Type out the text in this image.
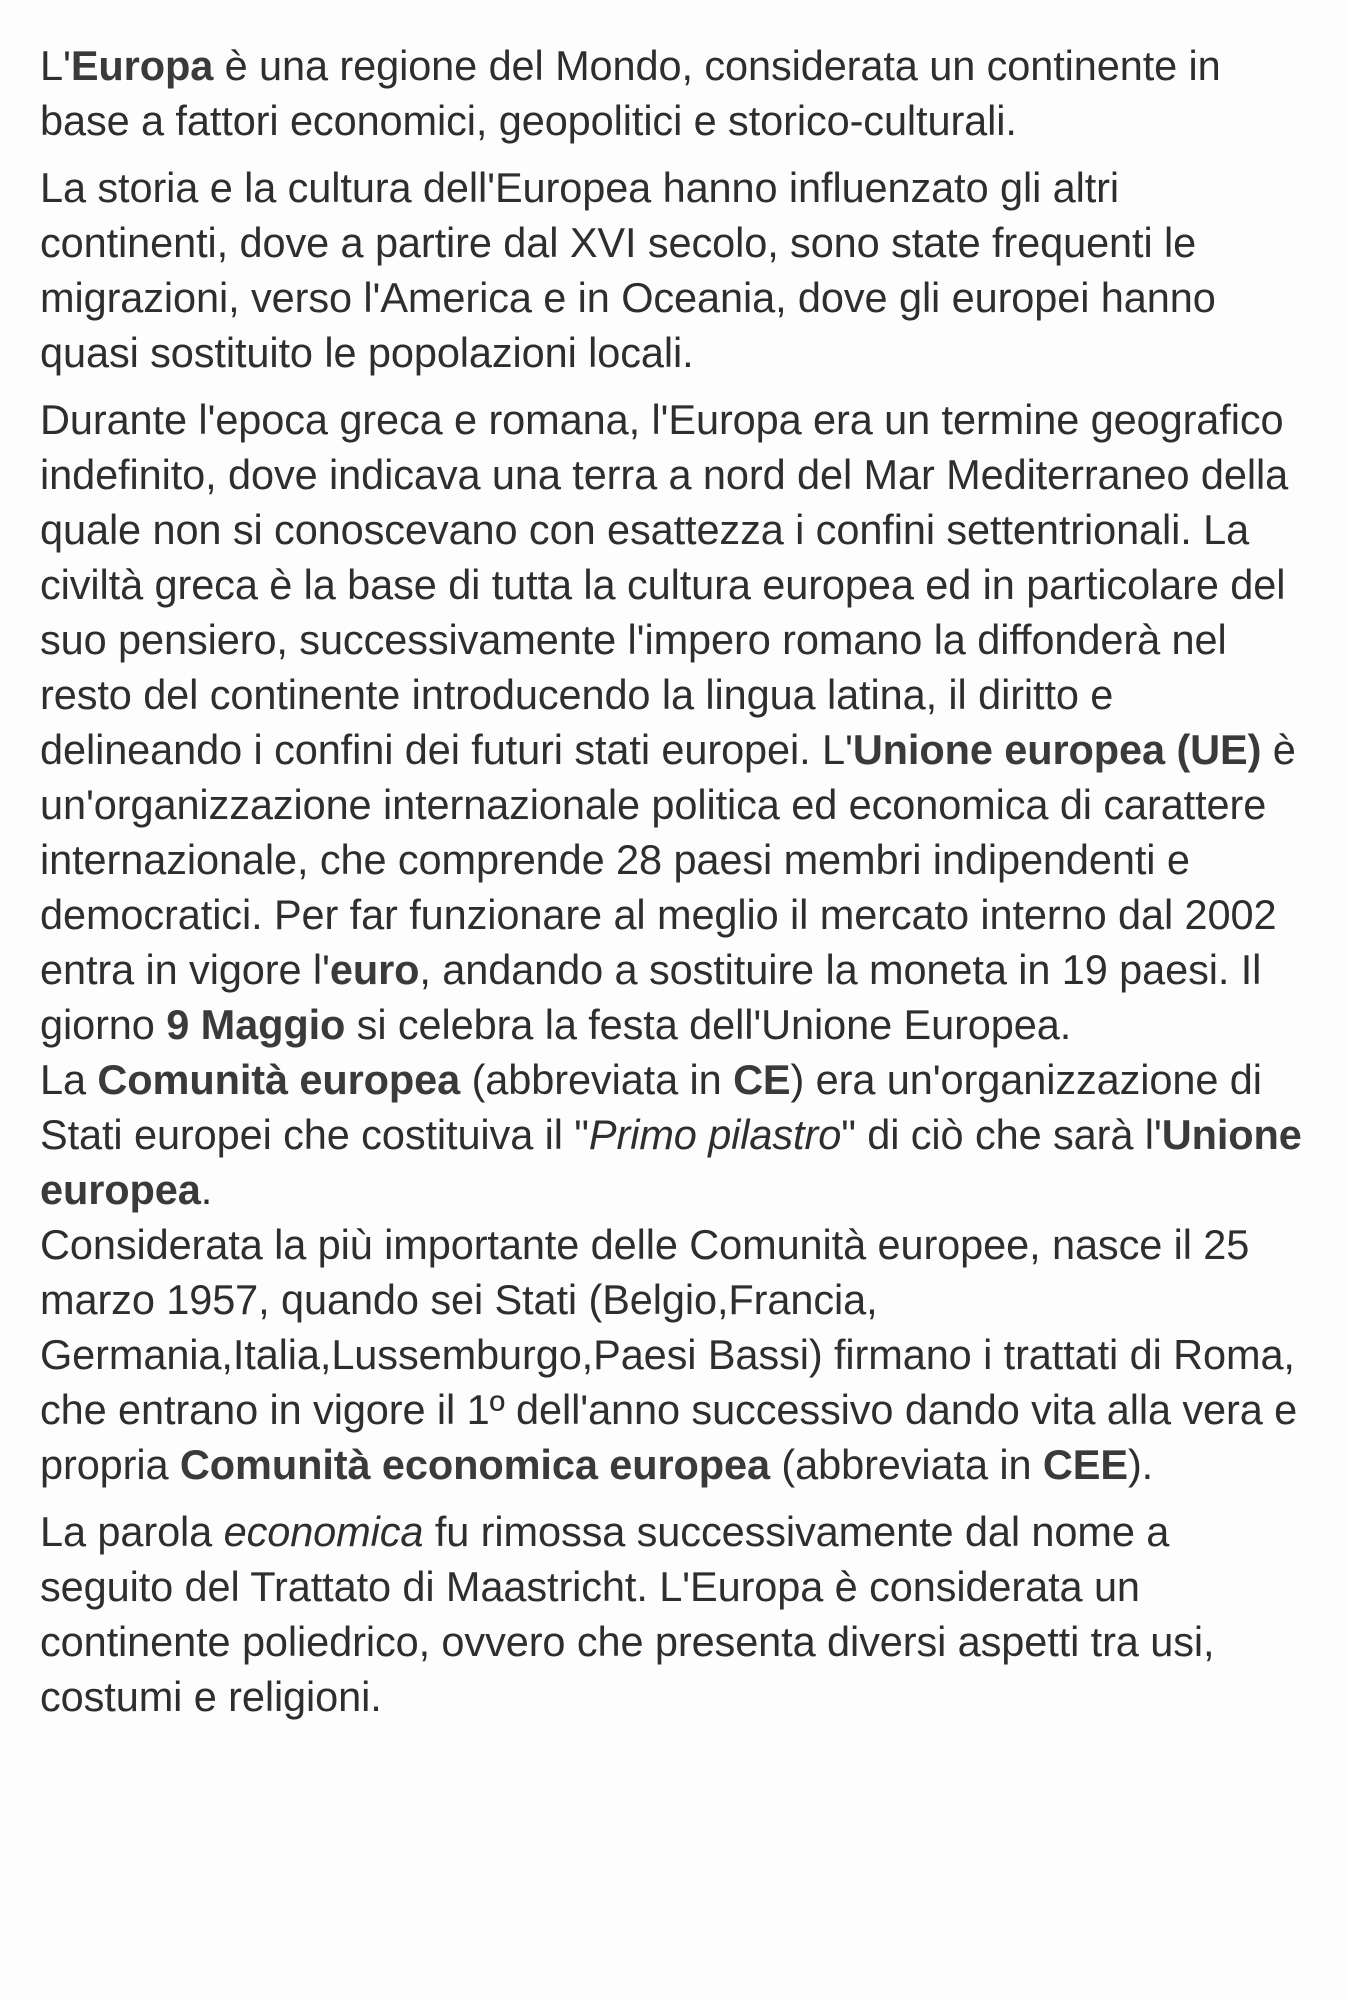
L'Europa è una regione del Mondo, considerata un continente in base a fattori economici, geopolitici e storico-culturali.

La storia e la cultura dell'Europea hanno influenzato gli altri continenti, dove a partire dal XVI secolo, sono state frequenti le migrazioni, verso l'America e in Oceania, dove gli europei hanno quasi sostituito le popolazioni locali.

Durante l'epoca greca e romana, l'Europa era un termine geografico indefinito, dove indicava una terra a nord del Mar Mediterraneo della quale non si conoscevano con esattezza i confini settentrionali. La civiltà greca è la base di tutta la cultura europea ed in particolare del suo pensiero, successivamente l'impero romano la diffonderà nel resto del continente introducendo la lingua latina, il diritto e delineando i confini dei futuri stati europei. L'Unione europea (UE) è un'organizzazione internazionale politica ed economica di carattere internazionale, che comprende 28 paesi membri indipendenti e democratici. Per far funzionare al meglio il mercato interno dal 2002 entra in vigore l'euro, andando a sostituire la moneta in 19 paesi. Il giorno 9 Maggio si celebra la festa dell'Unione Europea.

La Comunità europea (abbreviata in CE) era un'organizzazione di Stati europei che costituiva il "Primo pilastro" di ciò che sarà l'Unione europea.

Considerata la più importante delle Comunità europee, nasce il 25 marzo 1957, quando sei Stati (Belgio,Francia, Germania,Italia,Lussemburgo,Paesi Bassi) firmano i trattati di Roma, che entrano in vigore il 1º dell'anno successivo dando vita alla vera e propria Comunità economica europea (abbreviata in CEE).

La parola economica fu rimossa successivamente dal nome a seguito del Trattato di Maastricht. L'Europa è considerata un continente poliedrico, ovvero che presenta diversi aspetti tra usi, costumi e religioni.
